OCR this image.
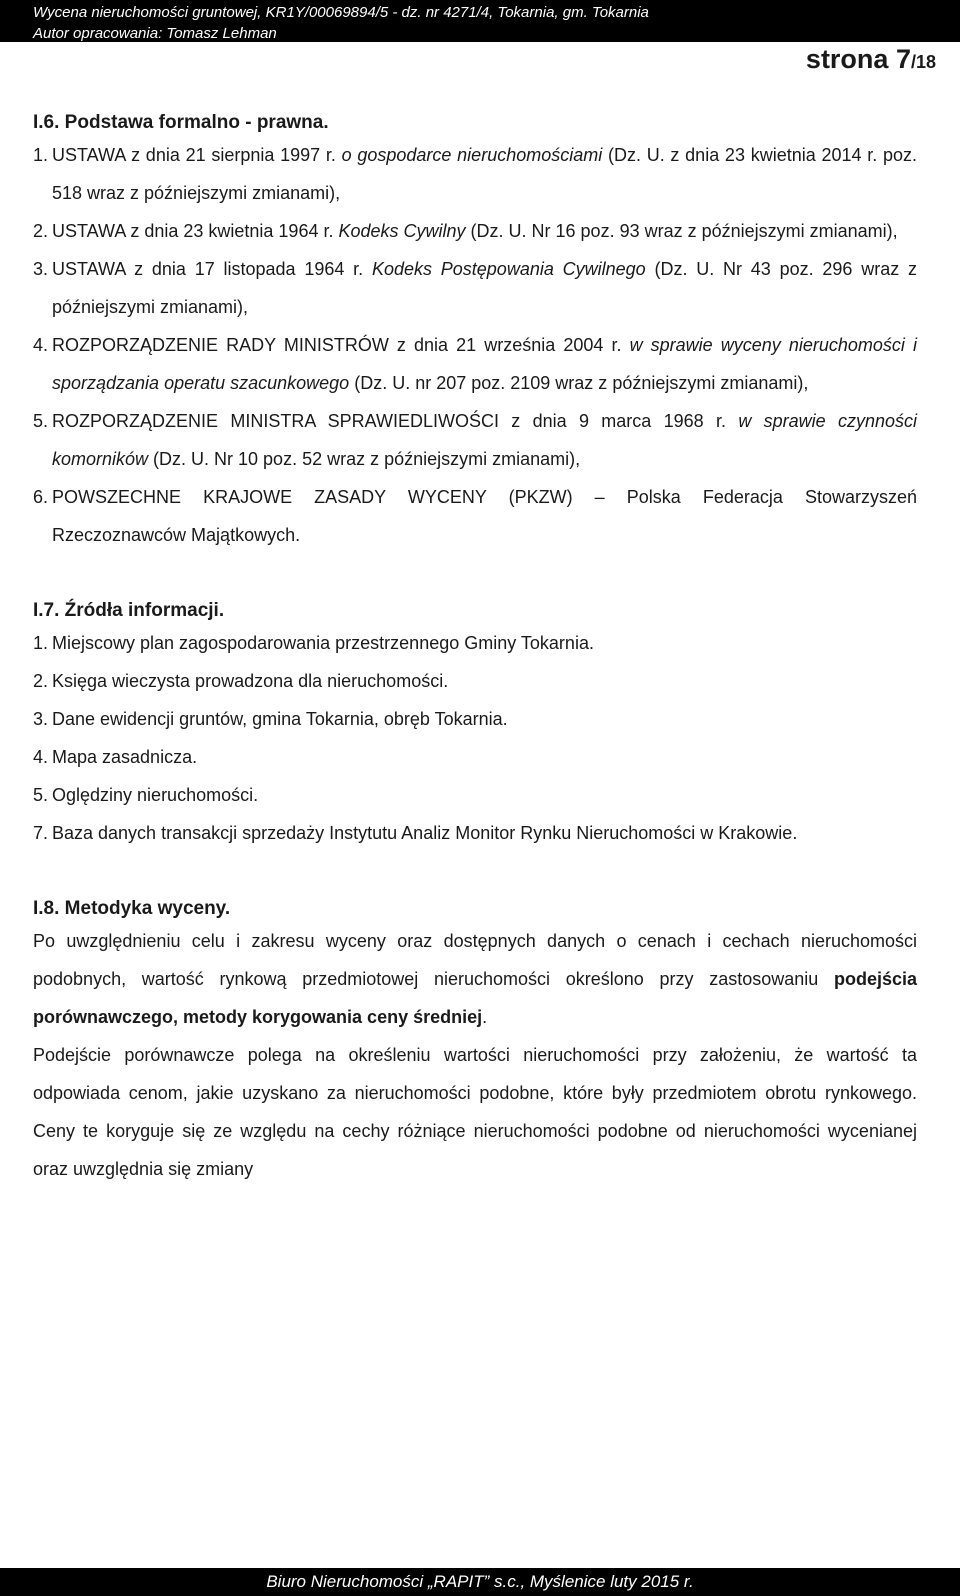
Wycena nieruchomości gruntowej, KR1Y/00069894/5 - dz. nr 4271/4, Tokarnia, gm. Tokarnia
Autor opracowania: Tomasz Lehman
strona 7/18
I.6. Podstawa formalno - prawna.
1. USTAWA z dnia 21 sierpnia 1997 r. o gospodarce nieruchomościami (Dz. U. z dnia 23 kwietnia 2014 r. poz. 518 wraz z późniejszymi zmianami),
2. USTAWA z dnia 23 kwietnia 1964 r. Kodeks Cywilny (Dz. U. Nr 16 poz. 93 wraz z późniejszymi zmianami),
3. USTAWA z dnia 17 listopada 1964 r. Kodeks Postępowania Cywilnego (Dz. U. Nr 43 poz. 296 wraz z późniejszymi zmianami),
4. ROZPORZĄDZENIE RADY MINISTRÓW z dnia 21 września 2004 r. w sprawie wyceny nieruchomości i sporządzania operatu szacunkowego (Dz. U. nr 207 poz. 2109 wraz z późniejszymi zmianami),
5. ROZPORZĄDZENIE MINISTRA SPRAWIEDLIWOŚCI z dnia 9 marca 1968 r. w sprawie czynności komorników (Dz. U. Nr 10 poz. 52 wraz z późniejszymi zmianami),
6. POWSZECHNE KRAJOWE ZASADY WYCENY (PKZW) – Polska Federacja Stowarzyszeń Rzeczoznawców Majątkowych.
I.7. Źródła informacji.
1. Miejscowy plan zagospodarowania przestrzennego Gminy Tokarnia.
2. Księga wieczysta prowadzona dla nieruchomości.
3. Dane ewidencji gruntów, gmina Tokarnia, obręb Tokarnia.
4. Mapa zasadnicza.
5. Oględziny nieruchomości.
7. Baza danych transakcji sprzedaży Instytutu Analiz Monitor Rynku Nieruchomości w Krakowie.
I.8. Metodyka wyceny.

Po uwzględnieniu celu i zakresu wyceny oraz dostępnych danych o cenach i cechach nieruchomości podobnych, wartość rynkową przedmiotowej nieruchomości określono przy zastosowaniu podejścia porównawczego, metody korygowania ceny średniej.

Podejście porównawcze polega na określeniu wartości nieruchomości przy założeniu, że wartość ta odpowiada cenom, jakie uzyskano za nieruchomości podobne, które były przedmiotem obrotu rynkowego. Ceny te koryguje się ze względu na cechy różniące nieruchomości podobne od nieruchomości wycenianej oraz uwzględnia się zmiany

Biuro Nieruchomości „RAPIT” s.c., Myślenice luty 2015 r.
